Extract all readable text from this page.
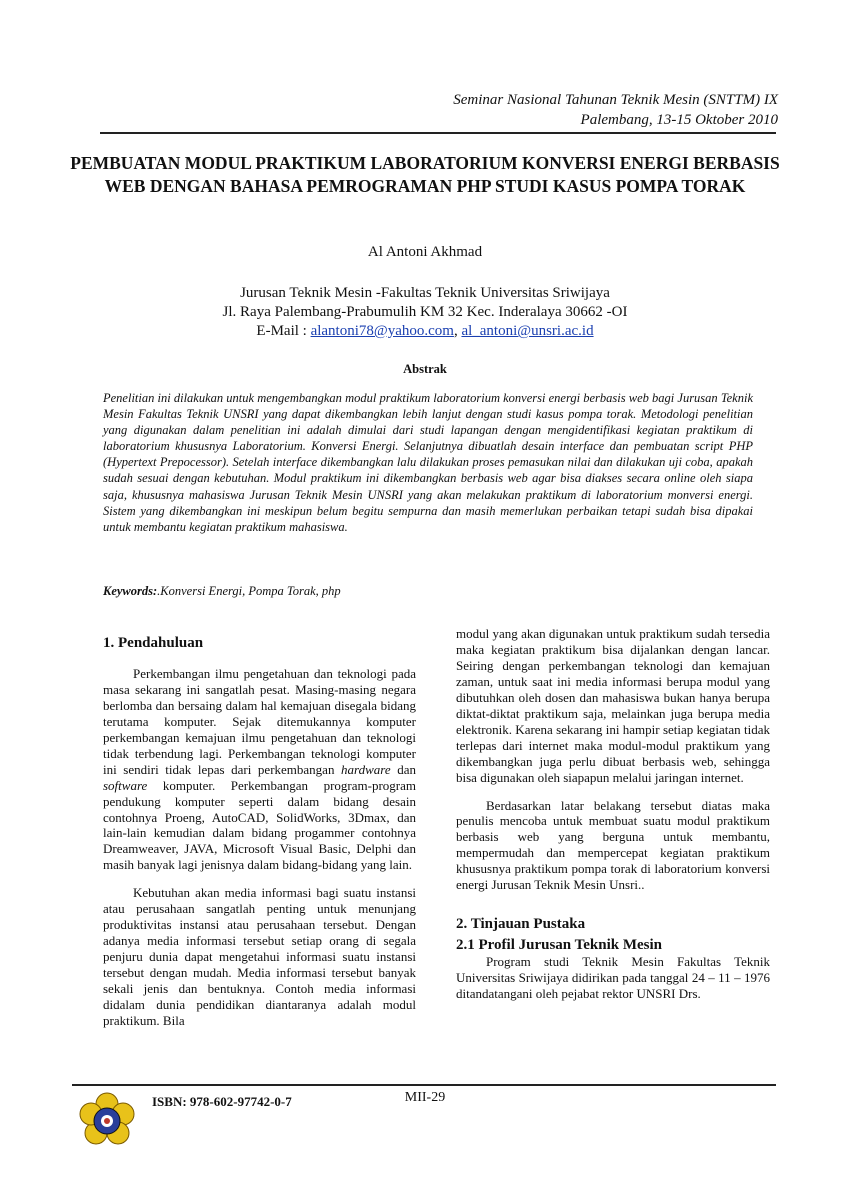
Seminar Nasional Tahunan Teknik Mesin (SNTTM) IX
Palembang, 13-15 Oktober 2010
PEMBUATAN MODUL PRAKTIKUM LABORATORIUM KONVERSI ENERGI BERBASIS WEB DENGAN BAHASA PEMROGRAMAN PHP STUDI KASUS POMPA TORAK
Al Antoni Akhmad
Jurusan Teknik Mesin -Fakultas Teknik Universitas Sriwijaya
Jl. Raya Palembang-Prabumulih KM 32 Kec. Inderalaya 30662 -OI
E-Mail : alantoni78@yahoo.com, al_antoni@unsri.ac.id
Abstrak
Penelitian ini dilakukan untuk mengembangkan modul praktikum laboratorium konversi energi berbasis web bagi Jurusan Teknik Mesin Fakultas Teknik UNSRI yang dapat dikembangkan lebih lanjut dengan studi kasus pompa torak. Metodologi penelitian yang digunakan dalam penelitian ini adalah dimulai dari studi lapangan dengan mengidentifikasi kegiatan praktikum di laboratorium khususnya Laboratorium. Konversi Energi. Selanjutnya dibuatlah desain interface dan pembuatan script PHP (Hypertext Prepocessor). Setelah interface dikembangkan lalu dilakukan proses pemasukan nilai dan dilakukan uji coba, apakah sudah sesuai dengan kebutuhan. Modul praktikum ini dikembangkan berbasis web agar bisa diakses secara online oleh siapa saja, khususnya mahasiswa Jurusan Teknik Mesin UNSRI yang akan melakukan praktikum di laboratorium monversi energi. Sistem yang dikembangkan ini meskipun belum begitu sempurna dan masih memerlukan perbaikan tetapi sudah bisa dipakai untuk membantu kegiatan praktikum mahasiswa.
Keywords:.Konversi Energi, Pompa Torak, php
1. Pendahuluan

Perkembangan ilmu pengetahuan dan teknologi pada masa sekarang ini sangatlah pesat. Masing-masing negara berlomba dan bersaing dalam hal kemajuan disegala bidang terutama komputer. Sejak ditemukannya komputer perkembangan kemajuan ilmu pengetahuan dan teknologi tidak terbendung lagi. Perkembangan teknologi komputer ini sendiri tidak lepas dari perkembangan hardware dan software komputer. Perkembangan program-program pendukung komputer seperti dalam bidang desain contohnya Proeng, AutoCAD, SolidWorks, 3Dmax, dan lain-lain kemudian dalam bidang progammer contohnya Dreamweaver, JAVA, Microsoft Visual Basic, Delphi dan masih banyak lagi jenisnya dalam bidang-bidang yang lain.

Kebutuhan akan media informasi bagi suatu instansi atau perusahaan sangatlah penting untuk menunjang produktivitas instansi atau perusahaan tersebut. Dengan adanya media informasi tersebut setiap orang di segala penjuru dunia dapat mengetahui informasi suatu instansi tersebut dengan mudah. Media informasi tersebut banyak sekali jenis dan bentuknya. Contoh media informasi didalam dunia pendidikan diantaranya adalah modul praktikum. Bila

modul yang akan digunakan untuk praktikum sudah tersedia maka kegiatan praktikum bisa dijalankan dengan lancar. Seiring dengan perkembangan teknologi dan kemajuan zaman, untuk saat ini media informasi berupa modul yang dibutuhkan oleh dosen dan mahasiswa bukan hanya berupa diktat-diktat praktikum saja, melainkan juga berupa media elektronik. Karena sekarang ini hampir setiap kegiatan tidak terlepas dari internet maka modul-modul praktikum yang dikembangkan juga perlu dibuat berbasis web, sehingga bisa digunakan oleh siapapun melalui jaringan internet.

Berdasarkan latar belakang tersebut diatas maka penulis mencoba untuk membuat suatu modul praktikum berbasis web yang berguna untuk membantu, mempermudah dan mempercepat kegiatan praktikum khususnya praktikum pompa torak di laboratorium konversi energi Jurusan Teknik Mesin Unsri..

2. Tinjauan Pustaka
2.1 Profil Jurusan Teknik Mesin

Program studi Teknik Mesin Fakultas Teknik Universitas Sriwijaya didirikan pada tanggal 24 – 11 – 1976 ditandatangani oleh pejabat rektor UNSRI Drs.

ISBN: 978-602-97742-0-7	MII-29
